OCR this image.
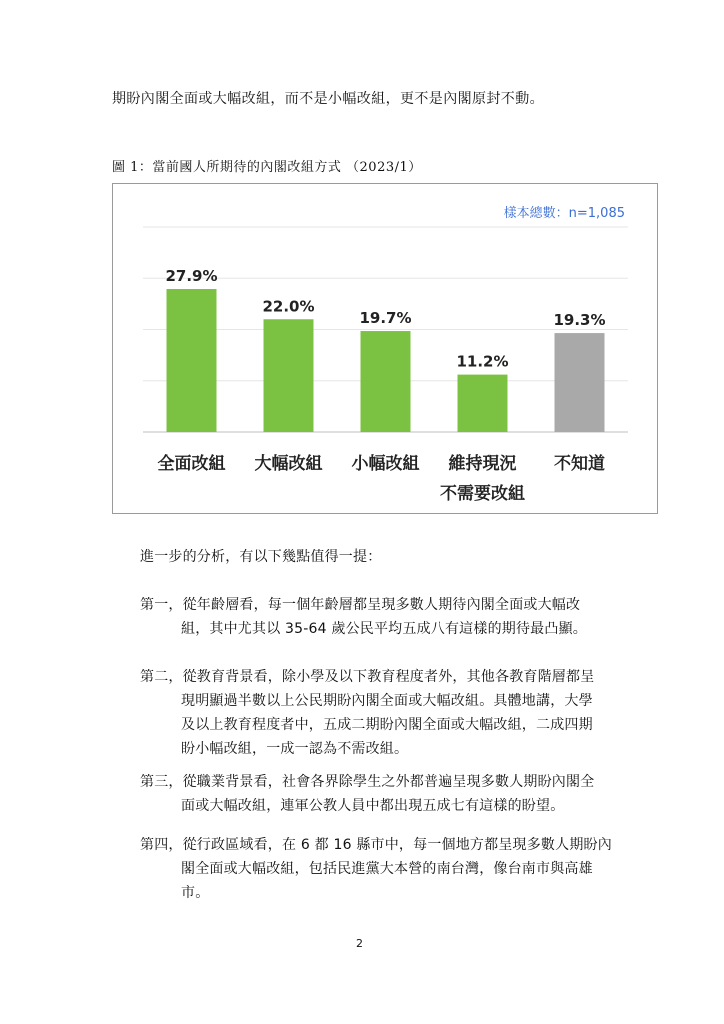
期盼內閣全面或大幅改組，而不是小幅改組，更不是內閣原封不動。
圖 1：當前國人所期待的內閣改組方式 （2023/1）
樣本總數：n=1,085
27.9%
全面改組
22.0%
大幅改組
19.7%
小幅改組
11.2%
維持現況
不需要改組
19.3%
不知道
進一步的分析，有以下幾點值得一提：
第一，從年齡層看，每一個年齡層都呈現多數人期待內閣全面或大幅改
組，其中尤其以 35-64 歲公民平均五成八有這樣的期待最凸顯。
第二，從教育背景看，除小學及以下教育程度者外，其他各教育階層都呈
現明顯過半數以上公民期盼內閣全面或大幅改組。具體地講，大學
及以上教育程度者中，五成二期盼內閣全面或大幅改組，二成四期
盼小幅改組，一成一認為不需改組。
第三，從職業背景看，社會各界除學生之外都普遍呈現多數人期盼內閣全
面或大幅改組，連軍公教人員中都出現五成七有這樣的盼望。
第四，從行政區域看，在 6 都 16 縣市中，每一個地方都呈現多數人期盼內
閣全面或大幅改組，包括民進黨大本營的南台灣，像台南市與高雄
市。
2
